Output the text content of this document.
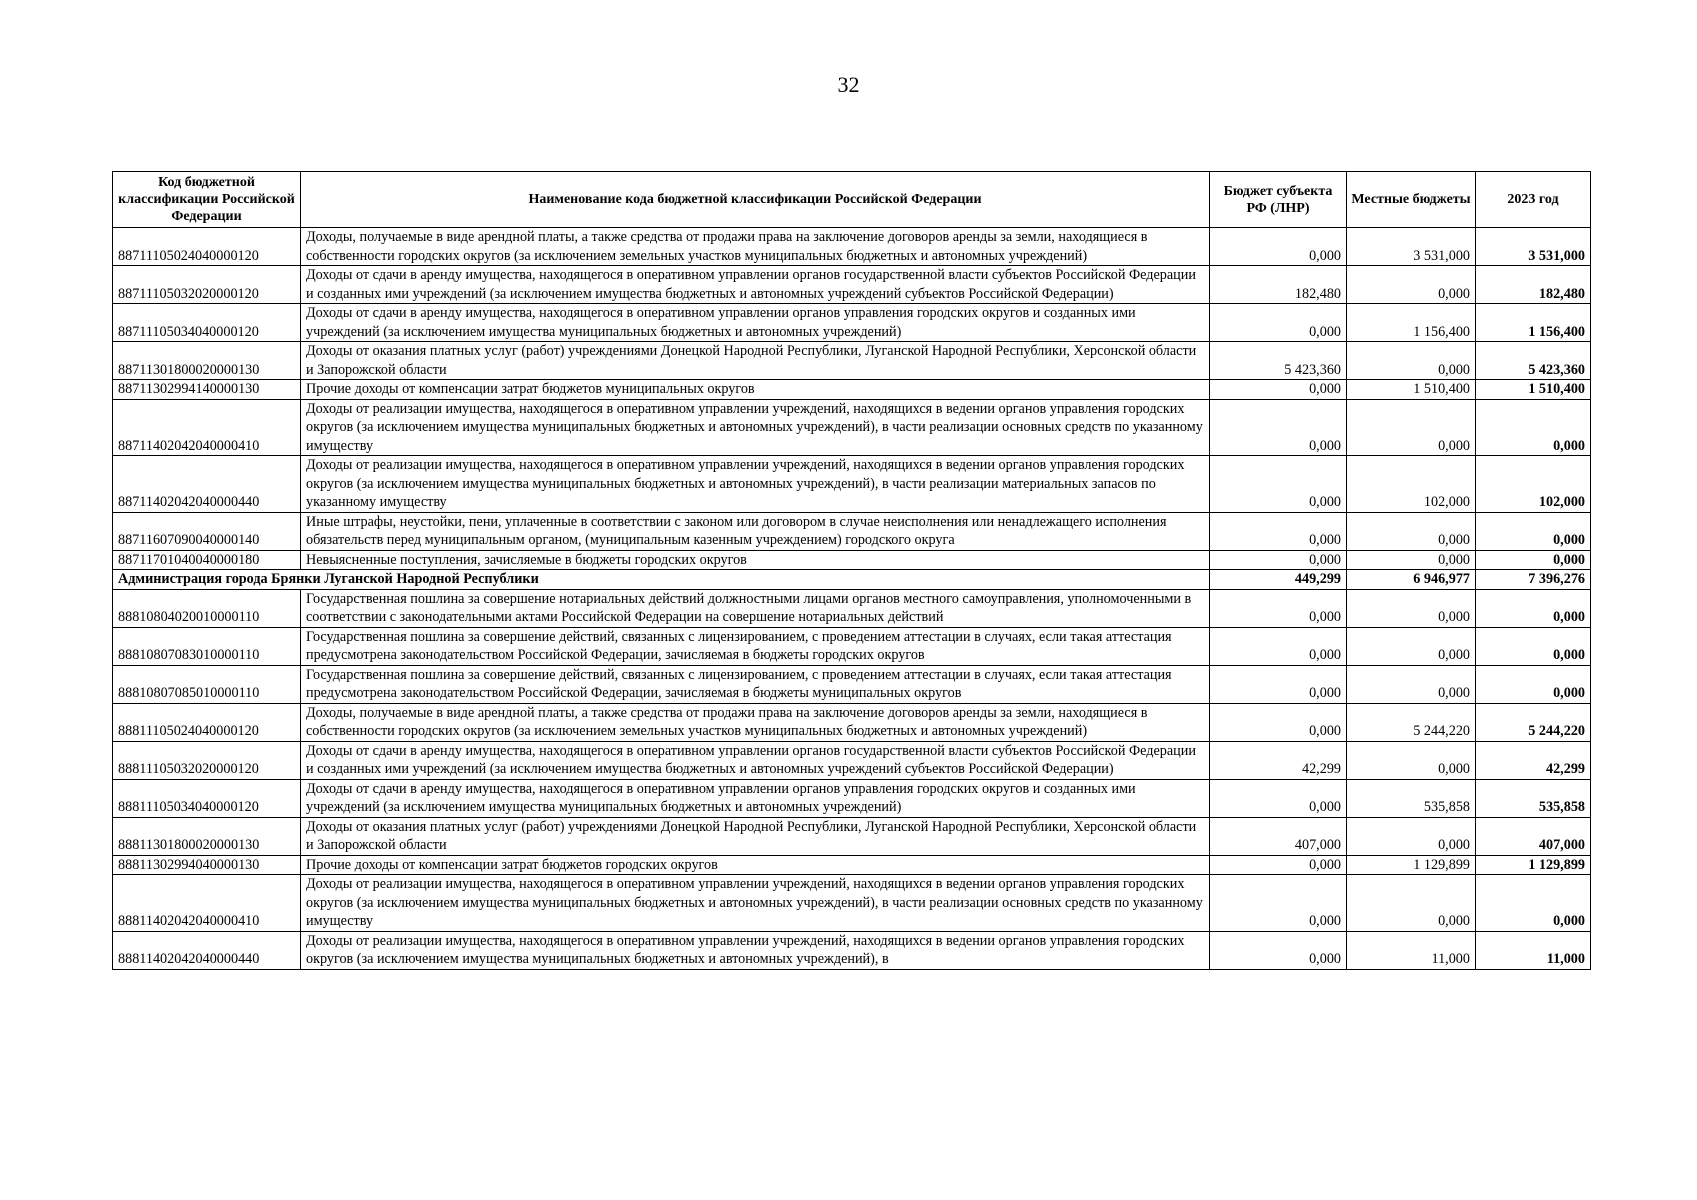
32
Код бюджетной классификации Российской Федерации	Наименование кода бюджетной классификации Российской Федерации	Бюджет субъекта РФ (ЛНР)	Местные бюджеты	2023 год
88711105024040000120	Доходы, получаемые в виде арендной платы, а также средства от продажи права на заключение договоров аренды за земли, находящиеся в собственности городских округов (за исключением земельных участков муниципальных бюджетных и автономных учреждений)	0,000	3 531,000	3 531,000
88711105032020000120	Доходы от сдачи в аренду имущества, находящегося в оперативном управлении органов государственной власти субъектов Российской Федерации и созданных ими учреждений (за исключением имущества бюджетных и автономных учреждений субъектов Российской Федерации)	182,480	0,000	182,480
88711105034040000120	Доходы от сдачи в аренду имущества, находящегося в оперативном управлении органов управления городских округов и созданных ими учреждений (за исключением имущества муниципальных бюджетных и автономных учреждений)	0,000	1 156,400	1 156,400
88711301800020000130	Доходы от оказания платных услуг (работ) учреждениями Донецкой Народной Республики, Луганской Народной Республики, Херсонской области и Запорожской области	5 423,360	0,000	5 423,360
88711302994140000130	Прочие доходы от компенсации затрат бюджетов муниципальных округов	0,000	1 510,400	1 510,400
88711402042040000410	Доходы от реализации имущества, находящегося в оперативном управлении учреждений, находящихся в ведении органов управления городских округов (за исключением имущества муниципальных бюджетных и автономных учреждений), в части реализации основных средств по указанному имуществу	0,000	0,000	0,000
88711402042040000440	Доходы от реализации имущества, находящегося в оперативном управлении учреждений, находящихся в ведении органов управления городских округов (за исключением имущества муниципальных бюджетных и автономных учреждений), в части реализации материальных запасов по указанному имуществу	0,000	102,000	102,000
88711607090040000140	Иные штрафы, неустойки, пени, уплаченные в соответствии с законом или договором в случае неисполнения или ненадлежащего исполнения обязательств перед муниципальным органом, (муниципальным казенным учреждением) городского округа	0,000	0,000	0,000
88711701040040000180	Невыясненные поступления, зачисляемые в бюджеты городских округов	0,000	0,000	0,000
Администрация города Брянки Луганской Народной Республики		449,299	6 946,977	7 396,276
88810804020010000110	Государственная пошлина за совершение нотариальных действий должностными лицами органов местного самоуправления, уполномоченными в соответствии с законодательными актами Российской Федерации на совершение нотариальных действий	0,000	0,000	0,000
88810807083010000110	Государственная пошлина за совершение действий, связанных с лицензированием, с проведением аттестации в случаях, если такая аттестация предусмотрена законодательством Российской Федерации, зачисляемая в бюджеты городских округов	0,000	0,000	0,000
88810807085010000110	Государственная пошлина за совершение действий, связанных с лицензированием, с проведением аттестации в случаях, если такая аттестация предусмотрена законодательством Российской Федерации, зачисляемая в бюджеты муниципальных округов	0,000	0,000	0,000
88811105024040000120	Доходы, получаемые в виде арендной платы, а также средства от продажи права на заключение договоров аренды за земли, находящиеся в собственности городских округов (за исключением земельных участков муниципальных бюджетных и автономных учреждений)	0,000	5 244,220	5 244,220
88811105032020000120	Доходы от сдачи в аренду имущества, находящегося в оперативном управлении органов государственной власти субъектов Российской Федерации и созданных ими учреждений (за исключением имущества бюджетных и автономных учреждений субъектов Российской Федерации)	42,299	0,000	42,299
88811105034040000120	Доходы от сдачи в аренду имущества, находящегося в оперативном управлении органов управления городских округов и созданных ими учреждений (за исключением имущества муниципальных бюджетных и автономных учреждений)	0,000	535,858	535,858
88811301800020000130	Доходы от оказания платных услуг (работ) учреждениями Донецкой Народной Республики, Луганской Народной Республики, Херсонской области и Запорожской области	407,000	0,000	407,000
88811302994040000130	Прочие доходы от компенсации затрат бюджетов городских округов	0,000	1 129,899	1 129,899
88811402042040000410	Доходы от реализации имущества, находящегося в оперативном управлении учреждений, находящихся в ведении органов управления городских округов (за исключением имущества муниципальных бюджетных и автономных учреждений), в части реализации основных средств по указанному имуществу	0,000	0,000	0,000
88811402042040000440	Доходы от реализации имущества, находящегося в оперативном управлении учреждений, находящихся в ведении органов управления городских округов (за исключением имущества муниципальных бюджетных и автономных учреждений), в	0,000	11,000	11,000
